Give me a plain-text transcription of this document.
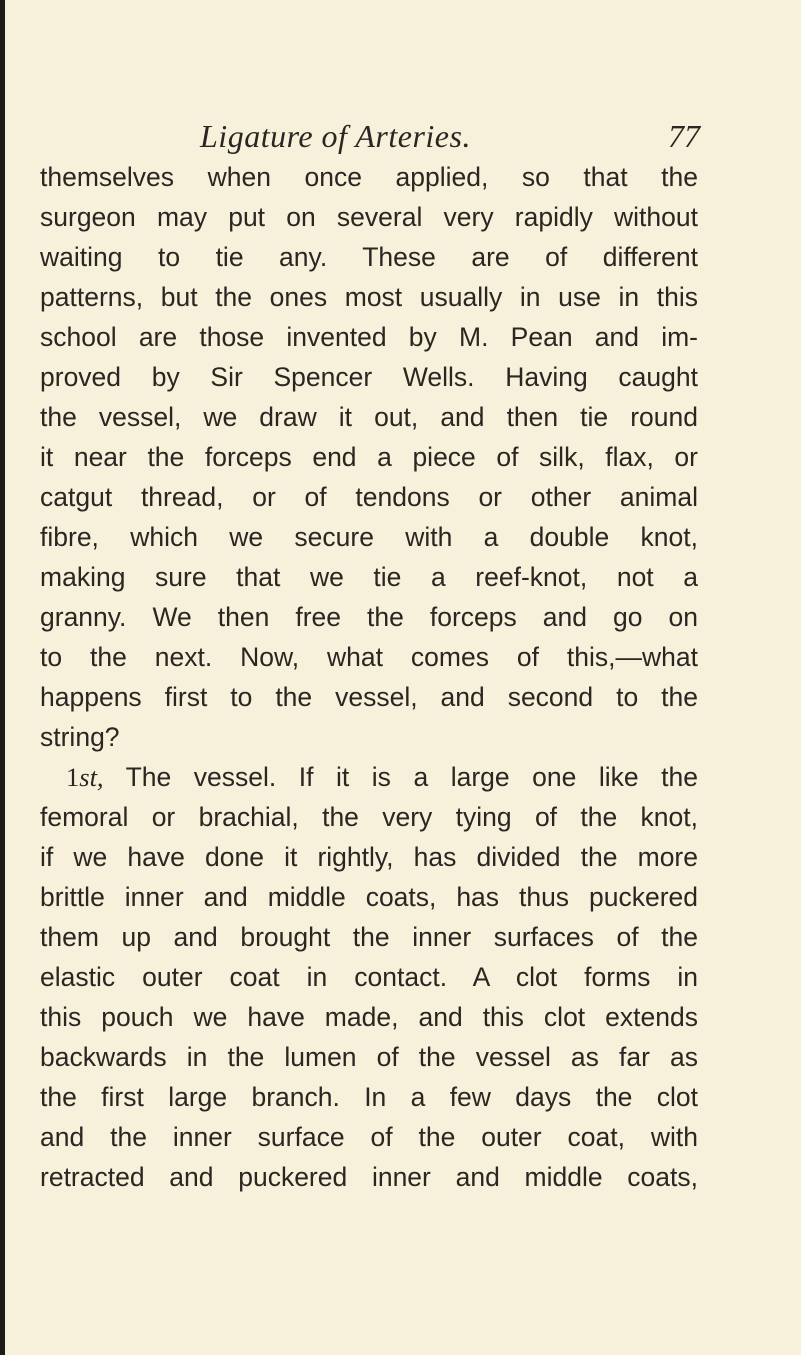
Ligature of Arteries.	77
themselves when once applied, so that the
surgeon may put on several very rapidly without
waiting to tie any. These are of different
patterns, but the ones most usually in use in this
school are those invented by M. Pean and im-
proved by Sir Spencer Wells. Having caught
the vessel, we draw it out, and then tie round
it near the forceps end a piece of silk, flax, or
catgut thread, or of tendons or other animal
fibre, which we secure with a double knot,
making sure that we tie a reef-knot, not a
granny. We then free the forceps and go on
to the next. Now, what comes of this,—what
happens first to the vessel, and second to the
string?
1st, The vessel. If it is a large one like the
femoral or brachial, the very tying of the knot,
if we have done it rightly, has divided the more
brittle inner and middle coats, has thus puckered
them up and brought the inner surfaces of the
elastic outer coat in contact. A clot forms in
this pouch we have made, and this clot extends
backwards in the lumen of the vessel as far as
the first large branch. In a few days the clot
and the inner surface of the outer coat, with
retracted and puckered inner and middle coats,
